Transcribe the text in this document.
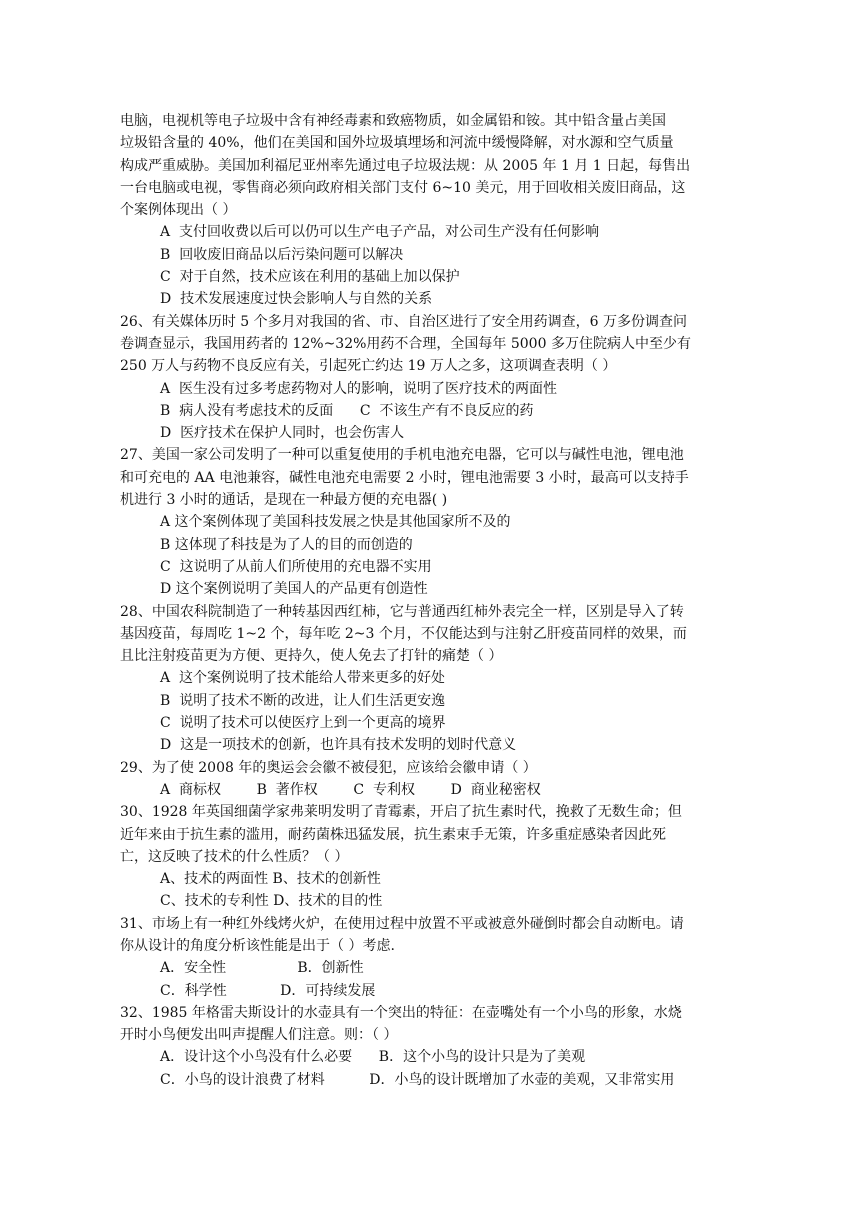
电脑，电视机等电子垃圾中含有神经毒素和致癌物质，如金属铅和铵。其中铅含量占美国
垃圾铅含量的 40%，他们在美国和国外垃圾填埋场和河流中缓慢降解，对水源和空气质量
构成严重威胁。美国加利福尼亚州率先通过电子垃圾法规：从 2005 年 1 月 1 日起，每售出
一台电脑或电视，零售商必须向政府相关部门支付 6~10 美元，用于回收相关废旧商品，这
个案例体现出（ ）

A  支付回收费以后可以仍可以生产电子产品，对公司生产没有任何影响

B  回收废旧商品以后污染问题可以解决

C  对于自然，技术应该在利用的基础上加以保护

D  技术发展速度过快会影响人与自然的关系

26、有关媒体历时 5 个多月对我国的省、市、自治区进行了安全用药调查，6 万多份调查问
卷调查显示，我国用药者的 12%~32%用药不合理，全国每年 5000 多万住院病人中至少有
250 万人与药物不良反应有关，引起死亡约达 19 万人之多，这项调查表明（ ）

A  医生没有过多考虑药物对人的影响，说明了医疗技术的两面性

B  病人没有考虑技术的反面      C  不该生产有不良反应的药

D  医疗技术在保护人同时，也会伤害人

27、美国一家公司发明了一种可以重复使用的手机电池充电器，它可以与碱性电池，锂电池
和可充电的 AA 电池兼容，碱性电池充电需要 2 小时，锂电池需要 3 小时，最高可以支持手
机进行 3 小时的通话，是现在一种最方便的充电器( )

A 这个案例体现了美国科技发展之快是其他国家所不及的

B 这体现了科技是为了人的目的而创造的

C  这说明了从前人们所使用的充电器不实用

D 这个案例说明了美国人的产品更有创造性

28、中国农科院制造了一种转基因西红柿，它与普通西红柿外表完全一样，区别是导入了转
基因疫苗，每周吃 1~2 个，每年吃 2~3 个月，不仅能达到与注射乙肝疫苗同样的效果，而
且比注射疫苗更为方便、更持久，使人免去了打针的痛楚（ ）

A  这个案例说明了技术能给人带来更多的好处

B  说明了技术不断的改进，让人们生活更安逸

C  说明了技术可以使医疗上到一个更高的境界

D  这是一项技术的创新，也许具有技术发明的划时代意义

29、为了使 2008 年的奥运会会徽不被侵犯，应该给会徽申请（ ）

A  商标权        B  著作权        C  专利权        D  商业秘密权

30、1928 年英国细菌学家弗莱明发明了青霉素，开启了抗生素时代，挽救了无数生命；但
近年来由于抗生素的滥用，耐药菌株迅猛发展，抗生素束手无策，许多重症感染者因此死
亡，这反映了技术的什么性质？（ ）

A、技术的两面性 B、技术的创新性

C、技术的专利性 D、技术的目的性

31、市场上有一种红外线烤火炉，在使用过程中放置不平或被意外碰倒时都会自动断电。请
你从设计的角度分析该性能是出于（ ）考虑.

A．安全性                B．创新性

C．科学性            D．可持续发展

32、1985 年格雷夫斯设计的水壶具有一个突出的特征：在壶嘴处有一个小鸟的形象，水烧
开时小鸟便发出叫声提醒人们注意。则：（ ）

A．设计这个小鸟没有什么必要      B．这个小鸟的设计只是为了美观

C．小鸟的设计浪费了材料          D．小鸟的设计既增加了水壶的美观，又非常实用
